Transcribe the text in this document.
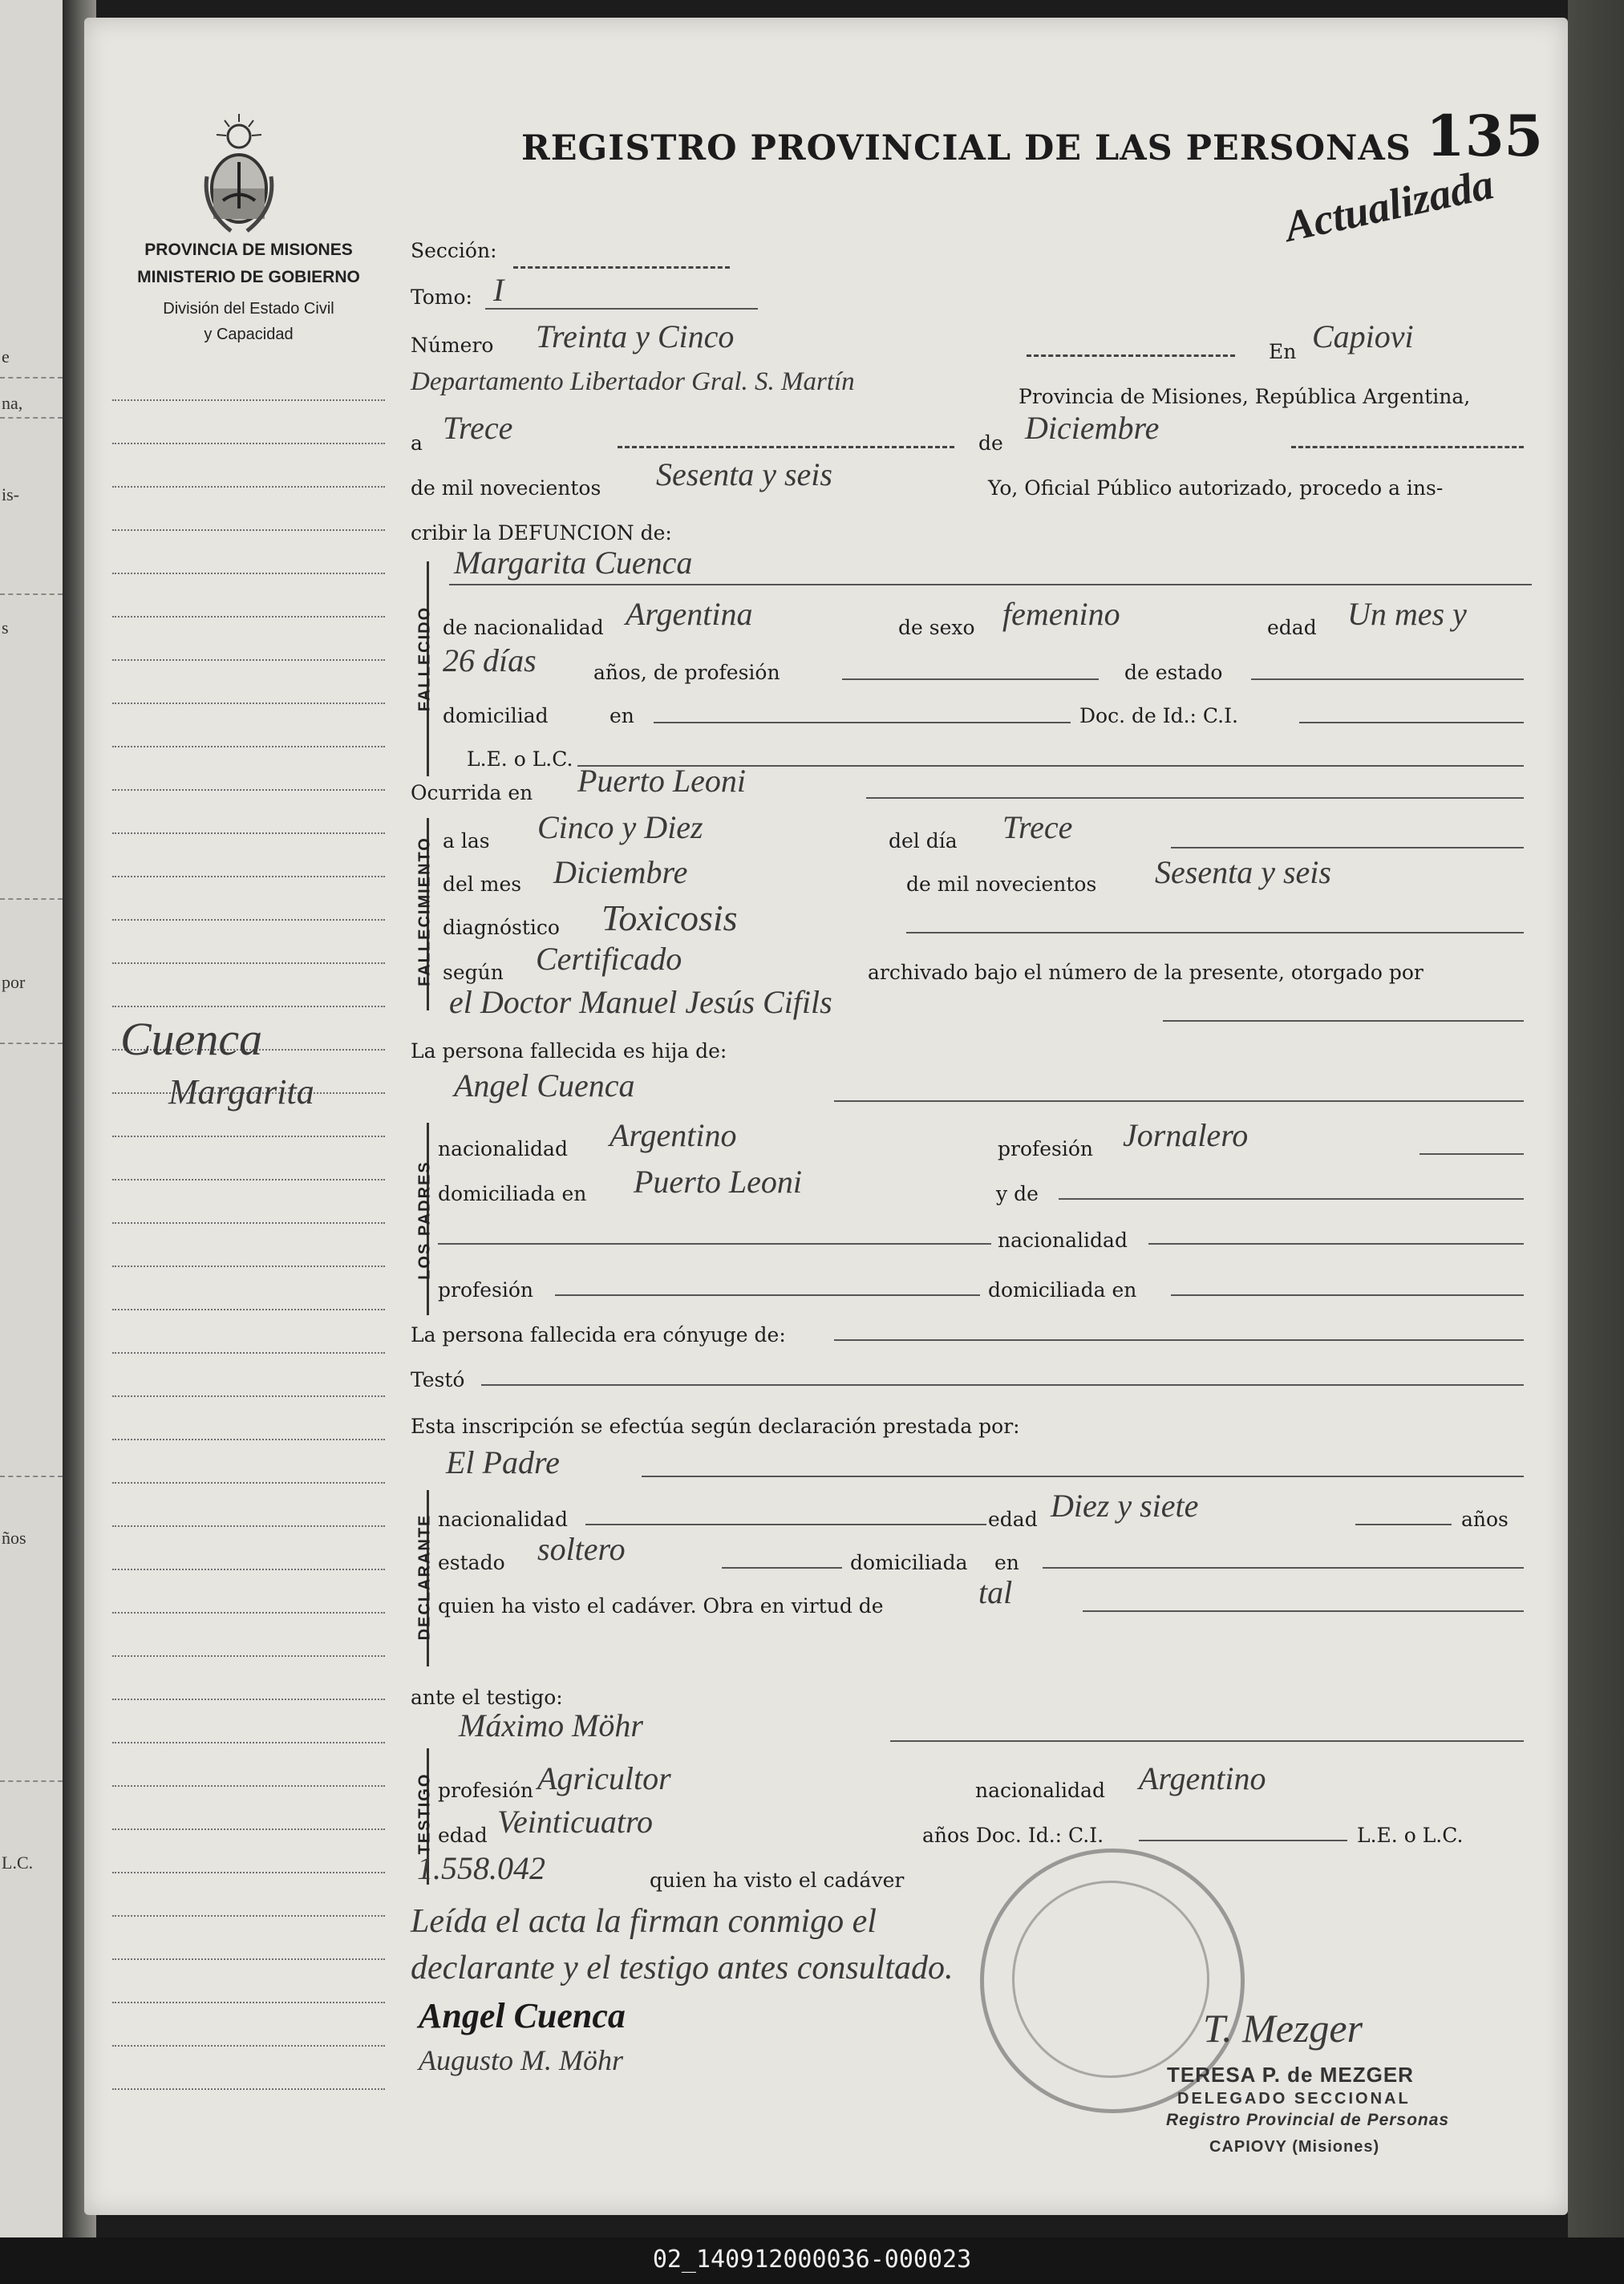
e
na,
is-
s
por
ños
L.C.
PROVINCIA DE MISIONES
MINISTERIO DE GOBIERNO
División del Estado Civil
y Capacidad
Cuenca
Margarita
REGISTRO PROVINCIAL DE LAS PERSONAS 135
Actualizada
Sección:
Tomo: I
Número Treinta y Cinco	En Capiovi
Departamento Libertador Gral. S. Martín
Provincia de Misiones, República Argentina,
a Trece	de Diciembre
de mil novecientos Sesenta y seis	Yo, Oficial Público autorizado, procedo a ins-
cribir la DEFUNCION de:
FALLECIDO
Margarita Cuenca
de nacionalidad Argentina	de sexo femenino	edad Un mes y
26 días	años, de profesión	de estado
domiciliad	en	Doc. de Id.: C.I.
L.E. o L.C.
Ocurrida en Puerto Leoni
FALLECIMIENTO a las Cinco y Diez	del día Trece
del mes Diciembre	de mil novecientos Sesenta y seis
diagnóstico Toxicosis
según Certificado	archivado bajo el número de la presente, otorgado por
el Doctor Manuel Jesús Cifils
La persona fallecida es hija de:
Angel Cuenca
LOS PADRES
nacionalidad Argentino	profesión Jornalero
domiciliada en Puerto Leoni	y de
nacionalidad
profesión	domiciliada en
La persona fallecida era cónyuge de:
Testó
Esta inscripción se efectúa según declaración prestada por:
El Padre
DECLARANTE nacionalidad	edad Diez y siete	años
estado soltero	domiciliada en
quien ha visto el cadáver. Obra en virtud de	tal
ante el testigo:
Máximo Möhr
TESTIGO profesión Agricultor	nacionalidad Argentino
edad Veinticuatro	años Doc. Id.: C.I.	L.E. o L.C.
1.558.042	quien ha visto el cadáver
Leída el acta la firman conmigo el
declarante y el testigo antes consultado.
Angel Cuenca
Augusto M. Möhr
T. Mezger
TERESA P. de MEZGER
DELEGADO SECCIONAL
Registro Provincial de Personas
CAPIOVY (Misiones)
02_140912000036-000023
